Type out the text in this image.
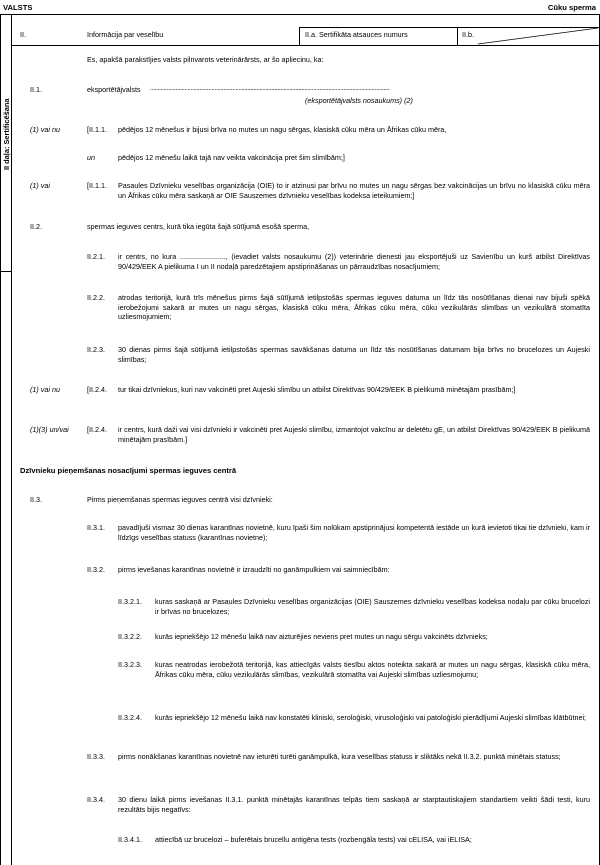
VALSTS	Cūku sperma
II daļa: Sertificēšana
II.	Informācija par veselību	II.a. Sertifikāta atsauces numurs	II.b.
Es, apakšā parakstījies valsts pilnvarots veterinārārsts, ar šo apliecinu, ka:
II.1.	eksportētājvalsts ................................................................................................................................................................
(eksportētājvalsts nosaukums) (2)
(1) vai nu	[II.1.1. pēdējos 12 mēnešus ir bijusi brīva no mutes un nagu sērgas, klasiskā cūku mēra un Āfrikas cūku mēra,
un	pēdējos 12 mēnešu laikā tajā nav veikta vakcinācija pret šim slimībām;]
(1) vai	[II.1.1. Pasaules Dzīvnieku veselības organizācija (OIE) to ir atzinusi par brīvu no mutes un nagu sērgas bez vakcinācijas un brīvu no klasiskā cūku mēra un Āfrikas cūku mēra saskaņā ar OIE Sauszemes dzīvnieku veselības kodeksa ieteikumiem;]
II.2.	spermas ieguves centrs, kurā tika iegūta šajā sūtījumā esošā sperma,
II.2.1. ir centrs, no kura ......................., (ievadiet valsts nosaukumu (2)) veterinārie dienesti jau eksportējuši uz Savienību un kurš atbilst Direktīvas 90/429/EEK A pielikuma I un II nodaļā paredzētajiem apstiprināšanas un pārraudzības nosacījumiem;
II.2.2. atrodas teritorijā, kurā trīs mēnešus pirms šajā sūtījumā ietilpstošās spermas ieguves datuma un līdz tās nosūtīšanas dienai nav bijuši spēkā ierobežojumi sakarā ar mutes un nagu sērgas, klasiskā cūku mēra, Āfrikas cūku mēra, cūku vezikulārās slimības un vezikulārā stomatīta uzliesmojumiem;
II.2.3. 30 dienas pirms šajā sūtījumā ietilpstošās spermas savākšanas datuma un līdz tās nosūtīšanas datumam bija brīvs no brucelozes un Aujeski slimības;
(1) vai nu	[II.2.4. tur tikai dzīvniekus, kuri nav vakcinēti pret Aujeski slimību un atbilst Direktīvas 90/429/EEK B pielikumā minētajām prasībām;]
(1)(3) un/vai	[II.2.4. ir centrs, kurā daži vai visi dzīvnieki ir vakcinēti pret Aujeski slimību, izmantojot vakcīnu ar deletētu gE, un atbilst Direktīvas 90/429/EEK B pielikumā minētajām prasībām.]
Dzīvnieku pieņemšanas nosacījumi spermas ieguves centrā
II.3.	Pirms pieņemšanas spermas ieguves centrā visi dzīvnieki:
II.3.1. pavadījuši vismaz 30 dienas karantīnas novietnē, kuru īpaši šim nolūkam apstiprinājusi kompetentā iestāde un kurā ievietoti tikai tie dzīvnieki, kam ir līdzīgs veselības statuss (karantīnas novietne);
II.3.2. pirms ievešanas karantīnas novietnē ir izraudzīti no ganāmpulkiem vai saimniecībām:
II.3.2.1. kuras saskaņā ar Pasaules Dzīvnieku veselības organizācijas (OIE) Sauszemes dzīvnieku veselības kodeksa nodaļu par cūku brucelozi ir brīvas no brucelozes;
II.3.2.2. kurās iepriekšējo 12 mēnešu laikā nav aizturējies neviens pret mutes un nagu sērgu vakcinēts dzīvnieks;
II.3.2.3. kuras neatrodas ierobežotā teritorijā, kas attiecīgās valsts tiesību aktos noteikta sakarā ar mutes un nagu sērgas, klasiskā cūku mēra, Āfrikas cūku mēra, cūku vezikulārās slimības, vezikulārā stomatīta vai Aujeski slimības uzliesmojumu;
II.3.2.4. kurās iepriekšējo 12 mēnešu laikā nav konstatēti kliniski, seroloģiski, virusoloģiski vai patoloģiski pierādījumi Aujeski slimības klātbūtnei;
II.3.3. pirms nonākšanas karantīnas novietnē nav ieturēti turēti ganāmpulkā, kura veselības statuss ir sliktāks nekā II.3.2. punktā minētais statuss;
II.3.4. 30 dienu laikā pirms ievešanas II.3.1. punktā minētajās karantīnas telpās tiem saskaņā ar starptautiskajiem standartiem veikti šādi testi, kuru rezultāts bijis negatīvs:
II.3.4.1. attiecībā uz brucelozi – buferētais brucellu antigēna tests (rozbengāla tests) vai cELISA, vai iELISA;
